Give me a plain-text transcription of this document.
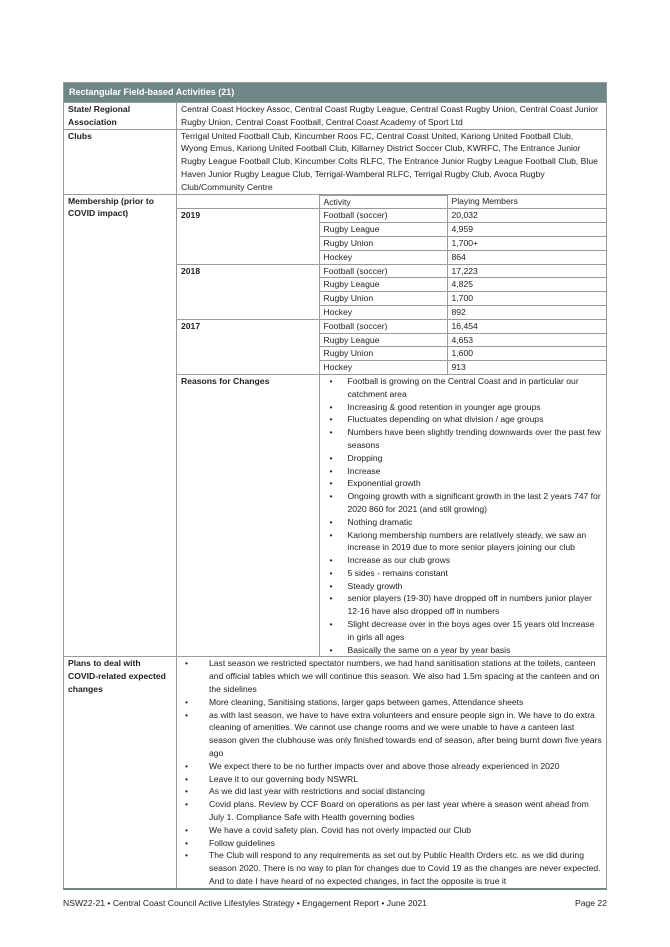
Rectangular Field-based Activities (21)
State/ Regional Association	Central Coast Hockey Assoc, Central Coast Rugby League, Central Coast Rugby Union, Central Coast Junior Rugby Union, Central Coast Football, Central Coast Academy of Sport Ltd
Clubs	Terrigal United Football Club, Kincumber Roos FC, Central Coast United, Kariong United Football Club, Wyong Emus, Kariong United Football Club, Killarney District Soccer Club, KWRFC, The Entrance Junior Rugby League Football Club, Kincumber Colts RLFC, The Entrance Junior Rugby League Football Club, Blue Haven Junior Rugby League Club, Terrigal-Wamberal RLFC, Terrigal Rugby Club, Avoca Rugby Club/Community Centre
Membership (prior to COVID impact)	
	Activity	Playing Members
2019	Football (soccer)	20,032
Rugby League	4,959
Rugby Union	1,700+
Hockey	864
2018	Football (soccer)	17,223
Rugby League	4,825
Rugby Union	1,700
Hockey	892
2017	Football (soccer)	16,454
Rugby League	4,653
Rugby Union	1,600
Hockey	913
Reasons for Changes	
•Football is growing on the Central Coast and in particular our catchment area
• Increasing & good retention in younger age groups
• Fluctuates depending on what division / age groups
• Numbers have been slightly trending downwards over the past few seasons
• Dropping
• Increase
• Exponential growth
• Ongoing growth with a significant growth in the last 2 years 747 for 2020 860 for 2021 (and still growing)
• Nothing dramatic
• Kariong membership numbers are relatively steady, we saw an increase in 2019 due to more senior players joining our club
• Increase as our club grows
• 5 sides - remains constant
• Steady growth
• senior players (19-30) have dropped off in numbers junior player 12-16 have also dropped off in numbers
• Slight decrease over in the boys ages over 15 years old Increase in girls all ages
• Basically the same on a year by year basis

Plans to deal with COVID-related expected changes	
• Last season we restricted spectator numbers, we had hand sanitisation stations at the toilets, canteen and official tables which we will continue this season. We also had 1.5m spacing at the canteen and on the sidelines
• More cleaning, Sanitising stations, larger gaps between games, Attendance sheets
• as with last season, we have to have extra volunteers and ensure people sign in. We have to do extra cleaning of amenities. We cannot use change rooms and we were unable to have a canteen last season given the clubhouse was only finished towards end of season, after being burnt down five years ago
• We expect there to be no further impacts over and above those already experienced in 2020
• Leave it to our governing body NSWRL
• As we did last year with restrictions and social distancing
• Covid plans. Review by CCF Board on operations as per last year where a season went ahead from July 1. Compliance Safe with Health governing bodies
• We have a covid safety plan. Covid has not overly impacted our Club
• Follow guidelines
• The Club will respond to any requirements as set out by Public Health Orders etc. as we did during season 2020. There is no way to plan for changes due to Covid 19 as the changes are never expected. And to date I have heard of no expected changes, in fact the opposite is true it
NSW22-21 • Central Coast Council Active Lifestyles Strategy • Engagement Report • June 2021	Page 22
